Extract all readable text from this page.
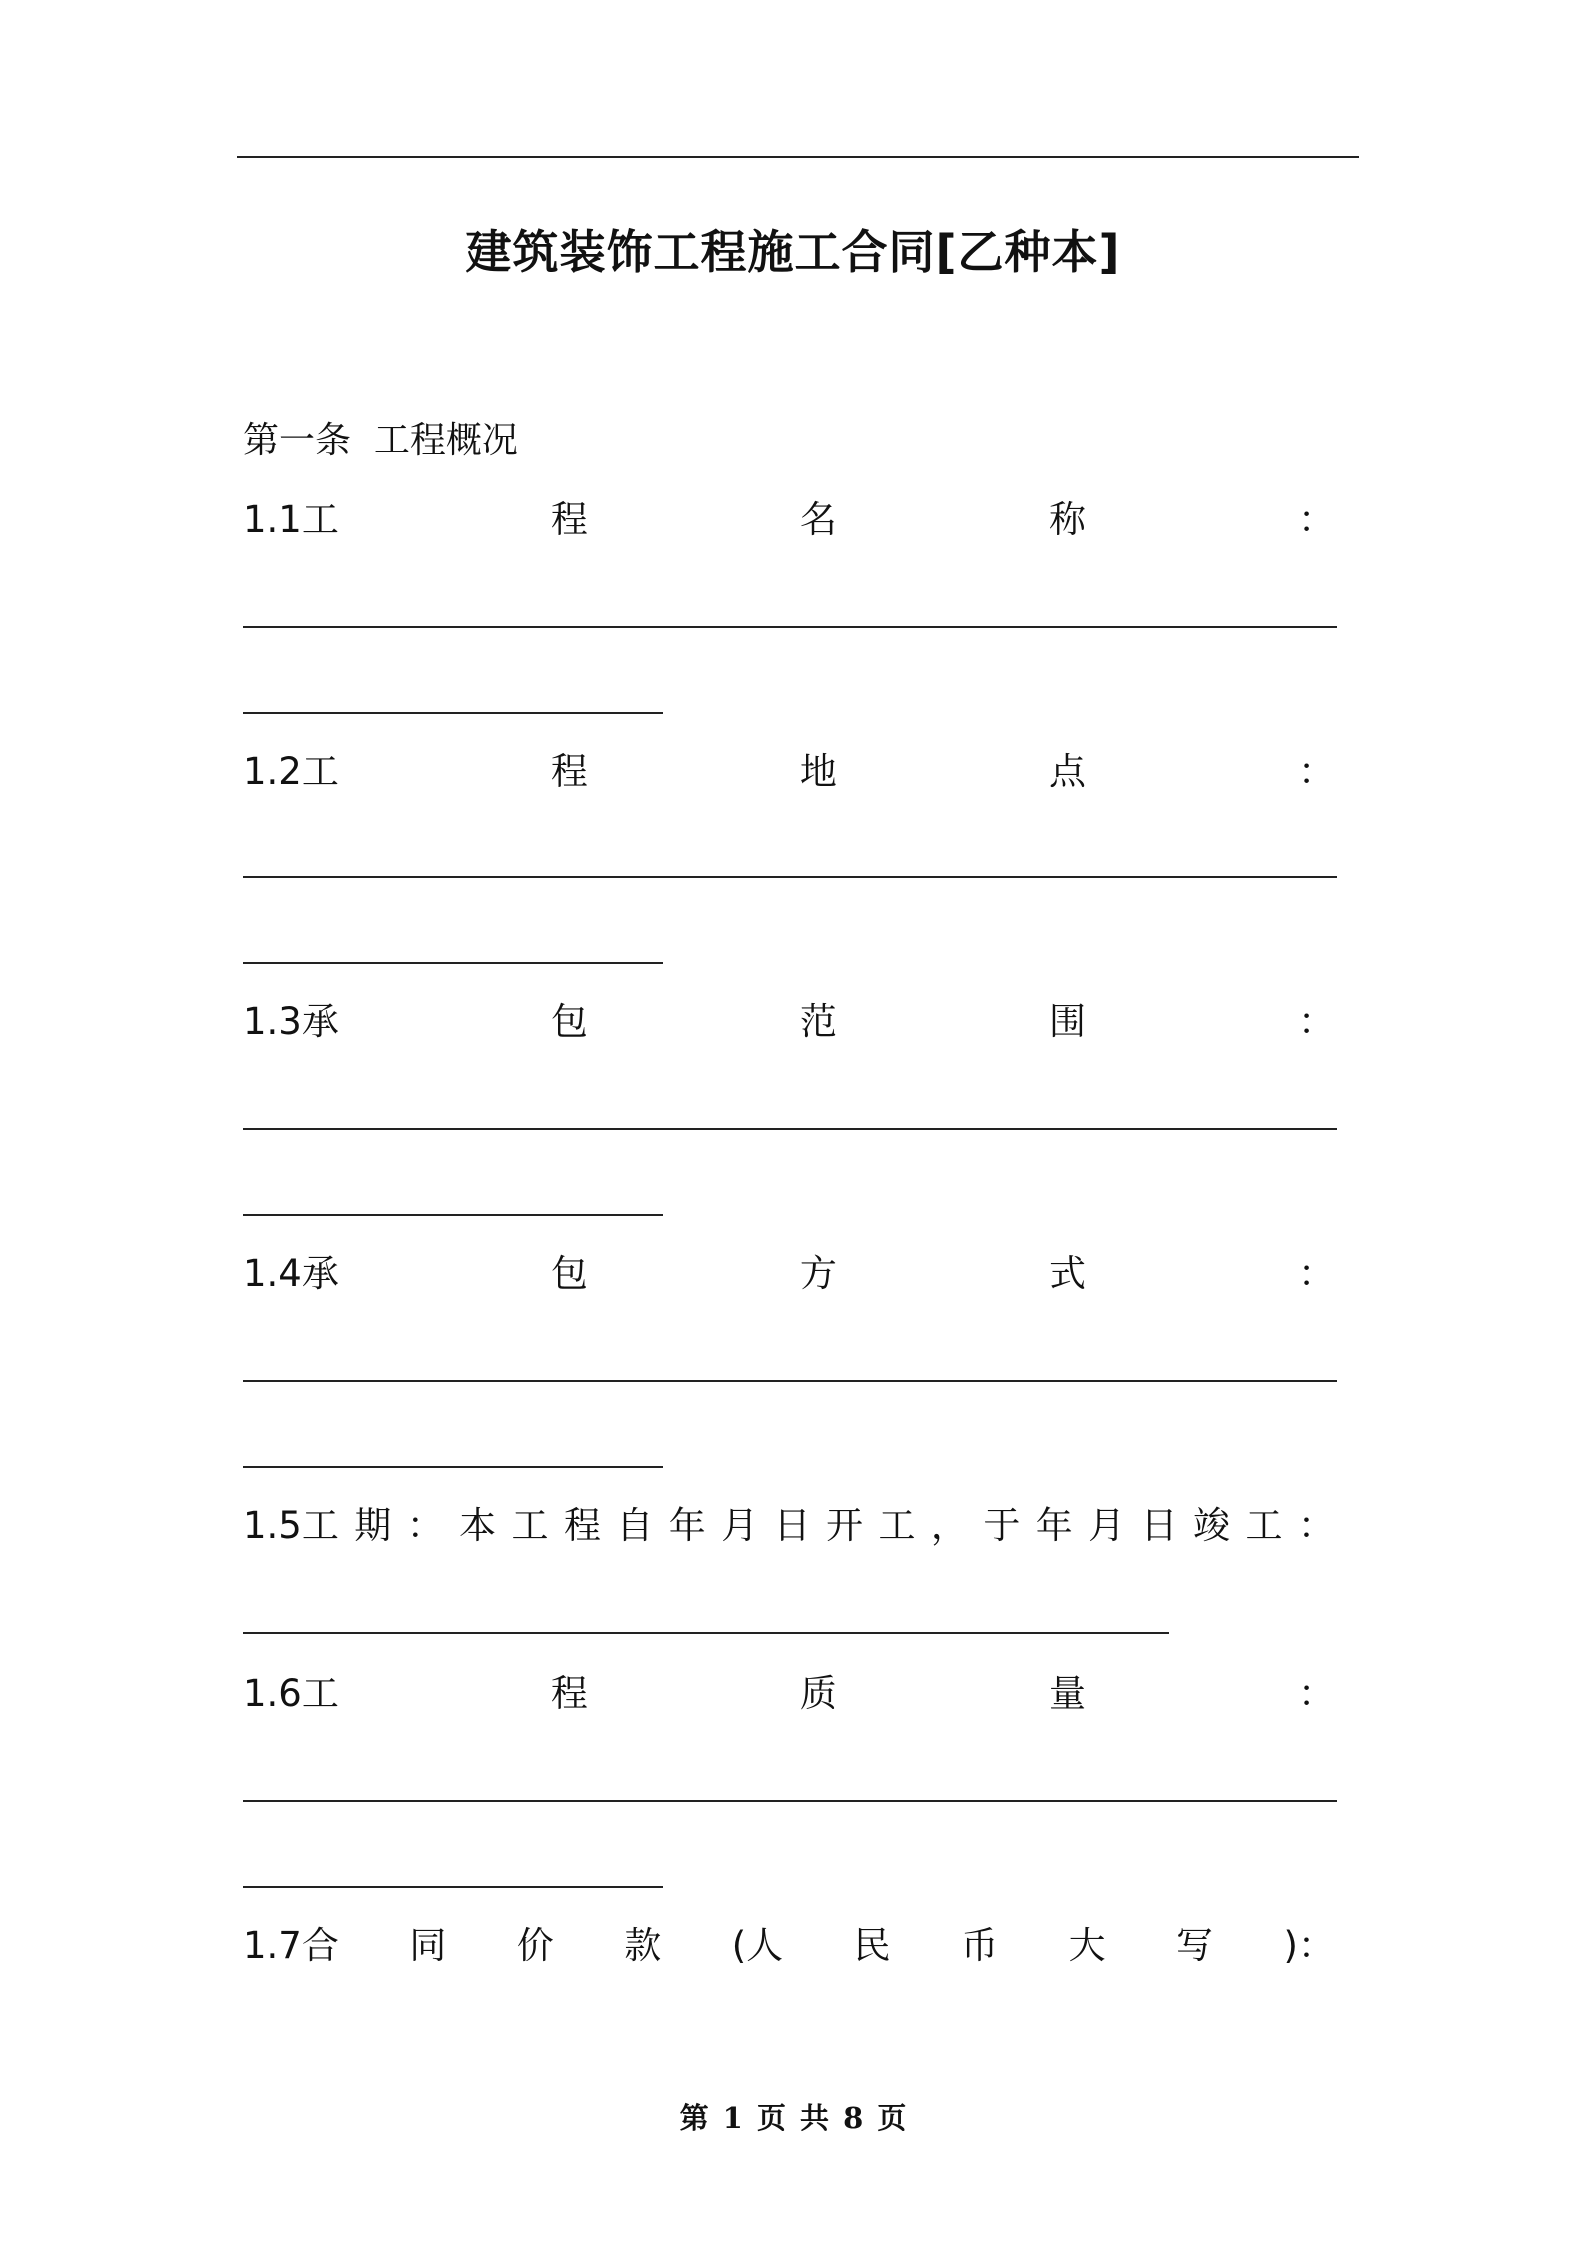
建筑装饰工程施工合同[乙种本]
第一条  工程概况
1.1工	程	名	称	：
1.2工	程	地	点	：
1.3承	包	范	围	：
1.4承	包	方	式	：
1.5工 期 ： 本 工 程 自 年 月 日 开 工 ， 于 年 月 日 竣 工 ：
1.6工	程	质	量	：
1.7合 同 价 款 (人 民 币 大 写 )：
第 1 页 共 8 页
